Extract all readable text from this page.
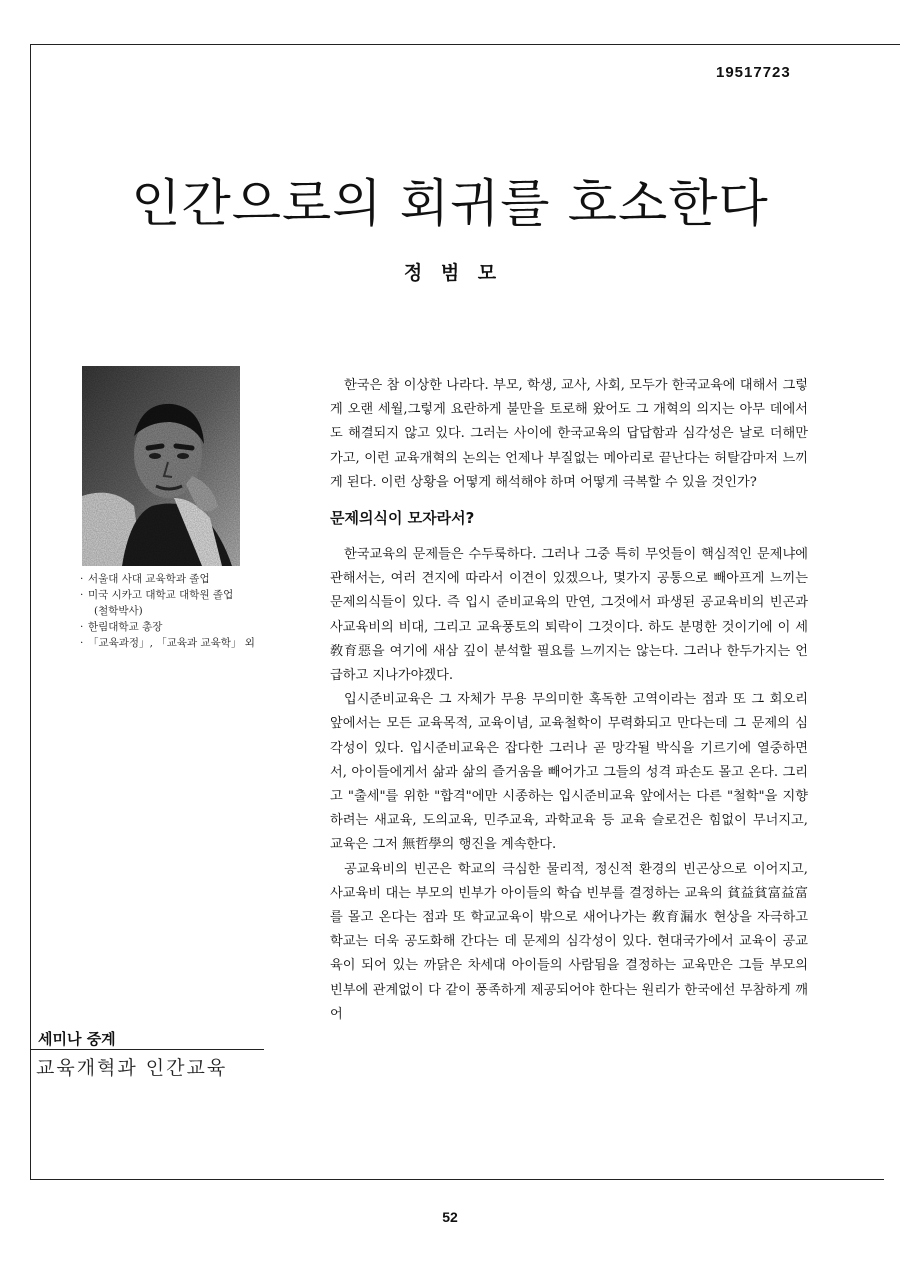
19517723
인간으로의 회귀를 호소한다
정 범 모
· 서울대 사대 교육학과 졸업
· 미국 시카고 대학교 대학원 졸업
(철학박사)
· 한림대학교 총장
· 「교육과정」, 「교육과 교육학」 외
세미나 중계
교육개혁과 인간교육

한국은 참 이상한 나라다. 부모, 학생, 교사, 사회, 모두가 한국교육에 대해서 그렇게 오랜 세월,그렇게 요란하게 불만을 토로해 왔어도 그 개혁의 의지는 아무 데에서도 해결되지 않고 있다. 그러는 사이에 한국교육의 답답함과 심각성은 날로 더해만 가고, 이런 교육개혁의 논의는 언제나 부질없는 메아리로 끝난다는 허탈감마저 느끼게 된다. 이런 상황을 어떻게 해석해야 하며 어떻게 극복할 수 있을 것인가?

문제의식이 모자라서?

한국교육의 문제들은 수두룩하다. 그러나 그중 특히 무엇들이 핵심적인 문제냐에 관해서는, 여러 견지에 따라서 이견이 있겠으나, 몇가지 공통으로 빼아프게 느끼는 문제의식들이 있다. 즉 입시 준비교육의 만연, 그것에서 파생된 공교육비의 빈곤과 사교육비의 비대, 그리고 교육풍토의 퇴락이 그것이다. 하도 분명한 것이기에 이 세 敎育惡을 여기에 새삼 깊이 분석할 필요를 느끼지는 않는다. 그러나 한두가지는 언급하고 지나가야겠다.

입시준비교육은 그 자체가 무용 무의미한 혹독한 고역이라는 점과 또 그 회오리 앞에서는 모든 교육목적, 교육이념, 교육철학이 무력화되고 만다는데 그 문제의 심각성이 있다. 입시준비교육은 잡다한 그러나 곧 망각될 박식을 기르기에 열중하면서, 아이들에게서 삶과 삶의 즐거움을 빼어가고 그들의 성격 파손도 몰고 온다. 그리고 "출세"를 위한 "합격"에만 시종하는 입시준비교육 앞에서는 다른 "철학"을 지향하려는 새교육, 도의교육, 민주교육, 과학교육 등 교육 슬로건은 힘없이 무너지고, 교육은 그저 無哲學의 행진을 계속한다.

공교육비의 빈곤은 학교의 극심한 물리적, 정신적 환경의 빈곤상으로 이어지고, 사교육비 대는 부모의 빈부가 아이들의 학습 빈부를 결정하는 교육의 貧益貧富益富를 몰고 온다는 점과 또 학교교육이 밖으로 새어나가는 敎育漏水 현상을 자극하고 학교는 더욱 공도화해 간다는 데 문제의 심각성이 있다. 현대국가에서 교육이 공교육이 되어 있는 까닭은 차세대 아이들의 사람됨을 결정하는 교육만은 그들 부모의 빈부에 관계없이 다 같이 풍족하게 제공되어야 한다는 원리가 한국에선 무참하게 깨어

52
